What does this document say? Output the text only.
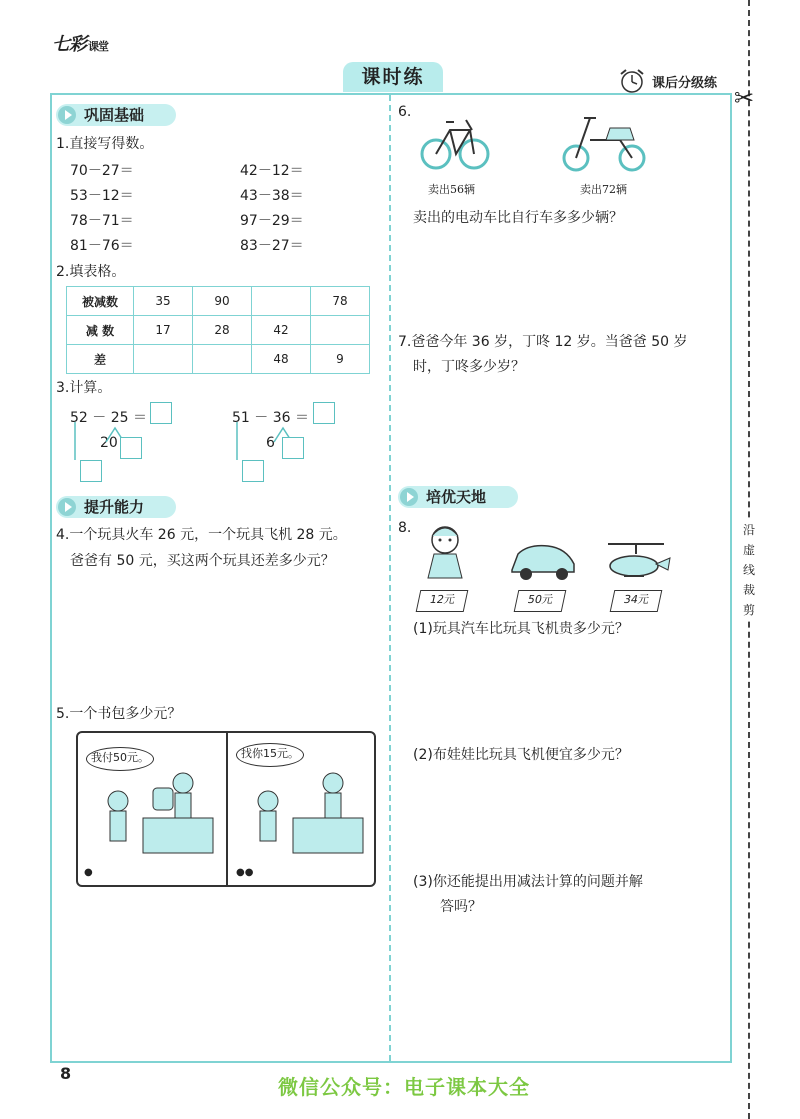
七彩 课堂
课时练	课后分级练
✂
沿虚线裁剪
巩固基础
1.直接写得数。
70－27＝	42－12＝
53－12＝	43－38＝
78－71＝	97－29＝
81－76＝	83－27＝
2.填表格。
被减数	35	90		78
减 数	17	28	42	
差			48	9
3.计算。
52 － 25 ＝
20
51 － 36 ＝
6
提升能力
4.一个玩具火车 26 元，一个玩具飞机 28 元。
爸爸有 50 元，买这两个玩具还差多少元？
5.一个书包多少元？
我付50元。	找你15元。
●	●●
6.
卖出56辆	卖出72辆
卖出的电动车比自行车多多少辆？
7.爸爸今年 36 岁，丁咚 12 岁。当爸爸 50 岁
时，丁咚多少岁？
培优天地
8.
12元	50元	34元
(1)玩具汽车比玩具飞机贵多少元？
(2)布娃娃比玩具飞机便宜多少元？
(3)你还能提出用减法计算的问题并解
答吗？
8
微信公众号：电子课本大全
